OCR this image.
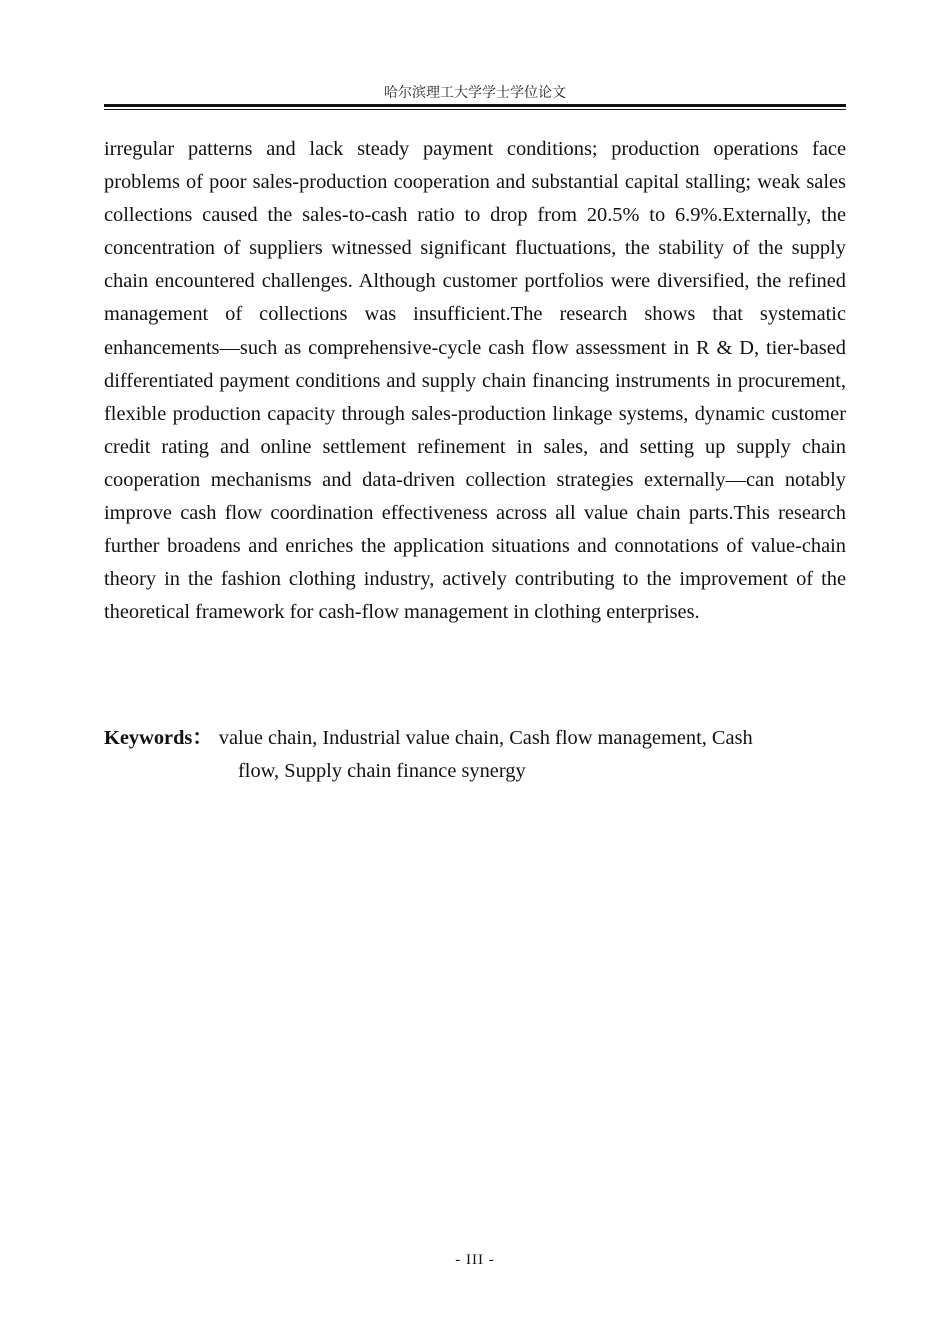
哈尔滨理工大学学士学位论文

irregular patterns and lack steady payment conditions; production operations face problems of poor sales-production cooperation and substantial capital stalling; weak sales collections caused the sales-to-cash ratio to drop from 20.5% to 6.9%.Externally, the concentration of suppliers witnessed significant fluctuations, the stability of the supply chain encountered challenges. Although customer portfolios were diversified, the refined management of collections was insufficient.The research shows that systematic enhancements—such as comprehensive-cycle cash flow assessment in R & D, tier-based differentiated payment conditions and supply chain financing instruments in procurement, flexible production capacity through sales-production linkage systems, dynamic customer credit rating and online settlement refinement in sales, and setting up supply chain cooperation mechanisms and data-driven collection strategies externally—can notably improve cash flow coordination effectiveness across all value chain parts.This research further broadens and enriches the application situations and connotations of value-chain theory in the fashion clothing industry, actively contributing to the improvement of the theoretical framework for cash-flow management in clothing enterprises.

Keywords： value chain, Industrial value chain, Cash flow management, Cash
flow, Supply chain finance synergy
- III -
